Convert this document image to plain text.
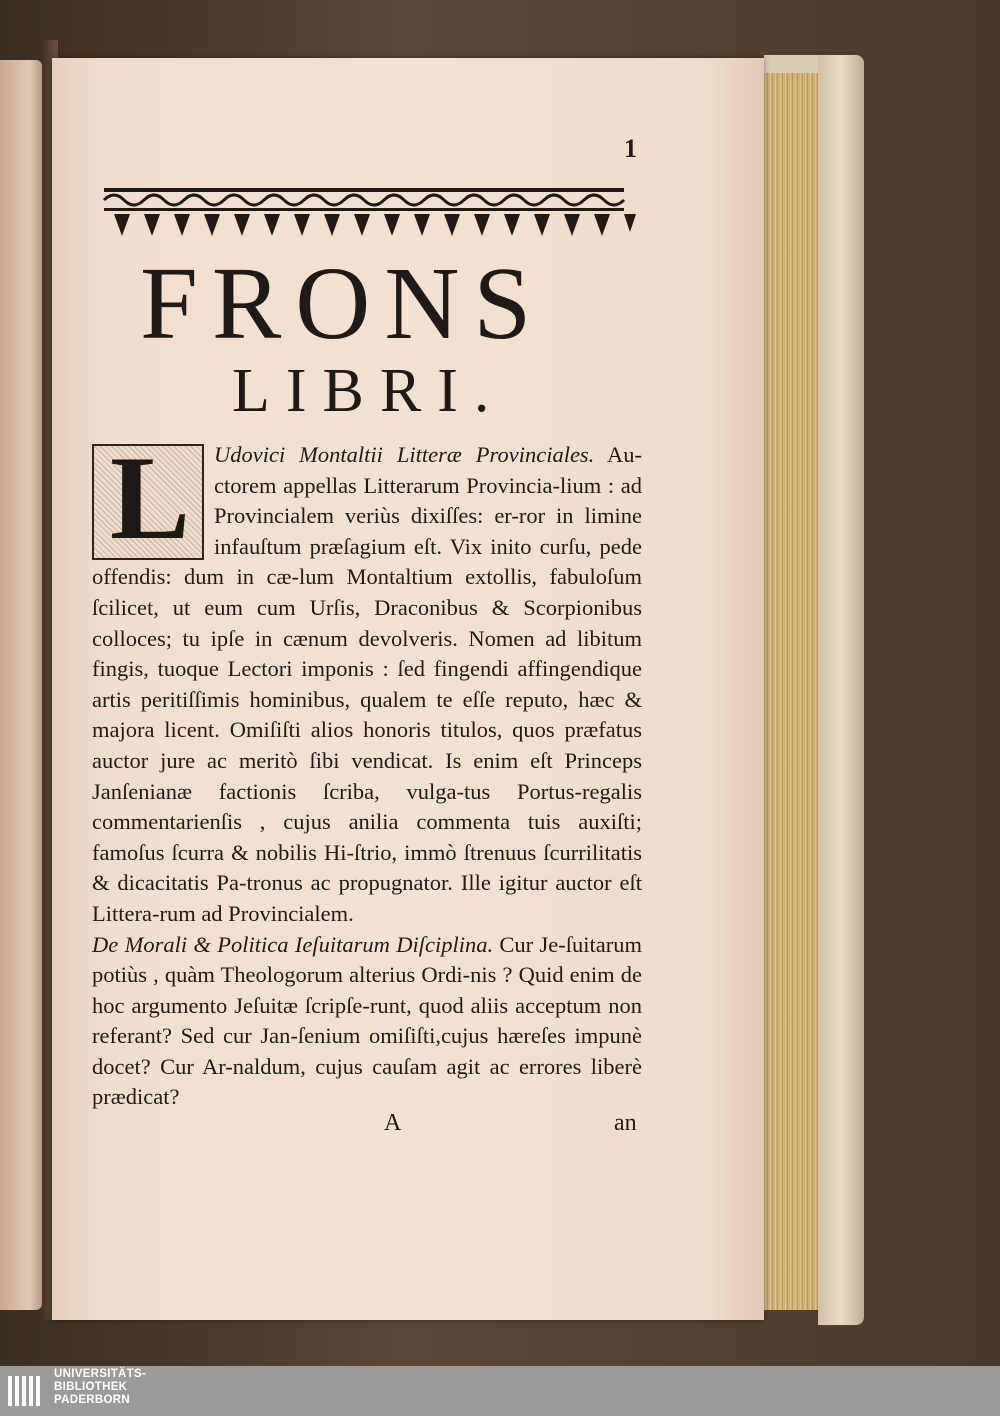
1
FRONS
LIBRI.
L Udovici Montaltii Litteræ Provinciales. Au-ctorem appellas Litterarum Provincia-lium : ad Provincialem veriùs dixiſſes: er-ror in limine infauſtum præſagium eſt. Vix inito curſu, pede offendis: dum in cæ-lum Montaltium extollis, fabuloſum ſcilicet, ut eum cum Urſis, Draconibus & Scorpionibus colloces; tu ipſe in cænum devolveris. Nomen ad libitum fingis, tuoque Lectori imponis : ſed fingendi affingendique artis peritiſſimis hominibus, qualem te eſſe reputo, hæc & majora licent. Omiſiſti alios honoris titulos, quos præfatus auctor jure ac meritò ſibi vendicat. Is enim eſt Princeps Janſenianæ factionis ſcriba, vulga-tus Portus-regalis commentarienſis , cujus anilia commenta tuis auxiſti; famoſus ſcurra & nobilis Hi-ſtrio, immò ſtrenuus ſcurrilitatis & dicacitatis Pa-tronus ac propugnator. Ille igitur auctor eſt Littera-rum ad Provincialem.
De Morali & Politica Ieſuitarum Diſciplina. Cur Je-ſuitarum potiùs , quàm Theologorum alterius Ordi-nis ? Quid enim de hoc argumento Jeſuitæ ſcripſe-runt, quod aliis acceptum non referant? Sed cur Jan-ſenium omiſiſti,cujus hæreſes impunè docet? Cur Ar-naldum, cujus cauſam agit ac errores liberè prædicat?
A	an
UNIVERSITÄTS-
BIBLIOTHEK
PADERBORN
